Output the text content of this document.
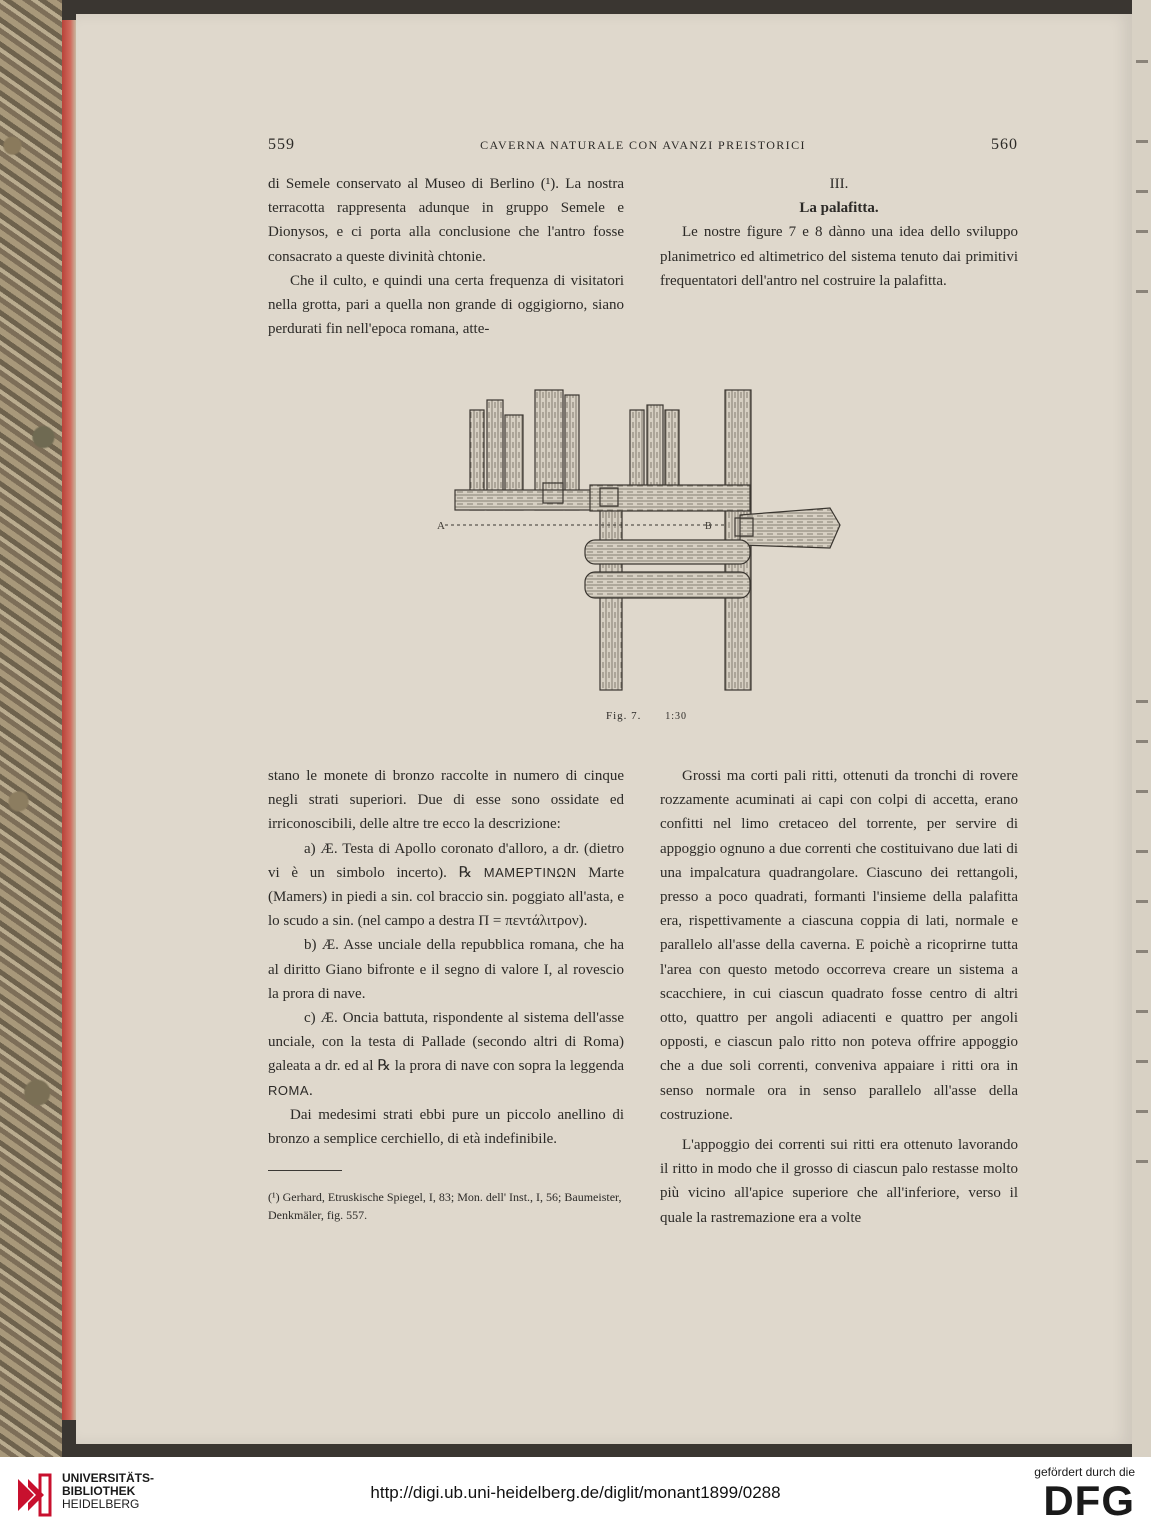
559	CAVERNA NATURALE CON AVANZI PREISTORICI	560

di Semele conservato al Museo di Berlino (¹). La nostra terracotta rappresenta adunque in gruppo Semele e Dionysos, e ci porta alla conclusione che l'antro fosse consacrato a queste divinità chtonie.

Che il culto, e quindi una certa frequenza di visitatori nella grotta, pari a quella non grande di oggigiorno, siano perdurati fin nell'epoca romana, atte-

III.

La palafitta.

Le nostre figure 7 e 8 dànno una idea dello sviluppo planimetrico ed altimetrico del sistema tenuto dai primitivi frequentatori dell'antro nel costruire la palafitta.

A	B
Fig. 7. 1:30

stano le monete di bronzo raccolte in numero di cinque negli strati superiori. Due di esse sono ossidate ed irriconoscibili, delle altre tre ecco la descrizione:

a) Æ. Testa di Apollo coronato d'alloro, a dr. (dietro vi è un simbolo incerto). ℞ ΜΑΜΕΡΤΙΝΩΝ Marte (Mamers) in piedi a sin. col braccio sin. poggiato all'asta, e lo scudo a sin. (nel campo a destra Π = πεντάλιτρον).

b) Æ. Asse unciale della repubblica romana, che ha al diritto Giano bifronte e il segno di valore I, al rovescio la prora di nave.

c) Æ. Oncia battuta, rispondente al sistema dell'asse unciale, con la testa di Pallade (secondo altri di Roma) galeata a dr. ed al ℞ la prora di nave con sopra la leggenda ROMA.

Dai medesimi strati ebbi pure un piccolo anellino di bronzo a semplice cerchiello, di età indefinibile.

Grossi ma corti pali ritti, ottenuti da tronchi di rovere rozzamente acuminati ai capi con colpi di accetta, erano confitti nel limo cretaceo del torrente, per servire di appoggio ognuno a due correnti che costituivano due lati di una impalcatura quadrangolare. Ciascuno dei rettangoli, presso a poco quadrati, formanti l'insieme della palafitta era, rispettivamente a ciascuna coppia di lati, normale e parallelo all'asse della caverna. E poichè a ricoprirne tutta l'area con questo metodo occorreva creare un sistema a scacchiere, in cui ciascun quadrato fosse centro di altri otto, quattro per angoli adiacenti e quattro per angoli opposti, e ciascun palo ritto non poteva offrire appoggio che a due soli correnti, conveniva appaiare i ritti ora in senso normale ora in senso parallelo all'asse della costruzione.

L'appoggio dei correnti sui ritti era ottenuto lavorando il ritto in modo che il grosso di ciascun palo restasse molto più vicino all'apice superiore che all'inferiore, verso il quale la rastremazione era a volte

(¹) Gerhard, Etruskische Spiegel, I, 83; Mon. dell' Inst., I, 56; Baumeister, Denkmäler, fig. 557.
UNIVERSITÄTS-
BIBLIOTHEK
HEIDELBERG
http://digi.ub.uni-heidelberg.de/diglit/monant1899/0288
gefördert durch die
DFG
